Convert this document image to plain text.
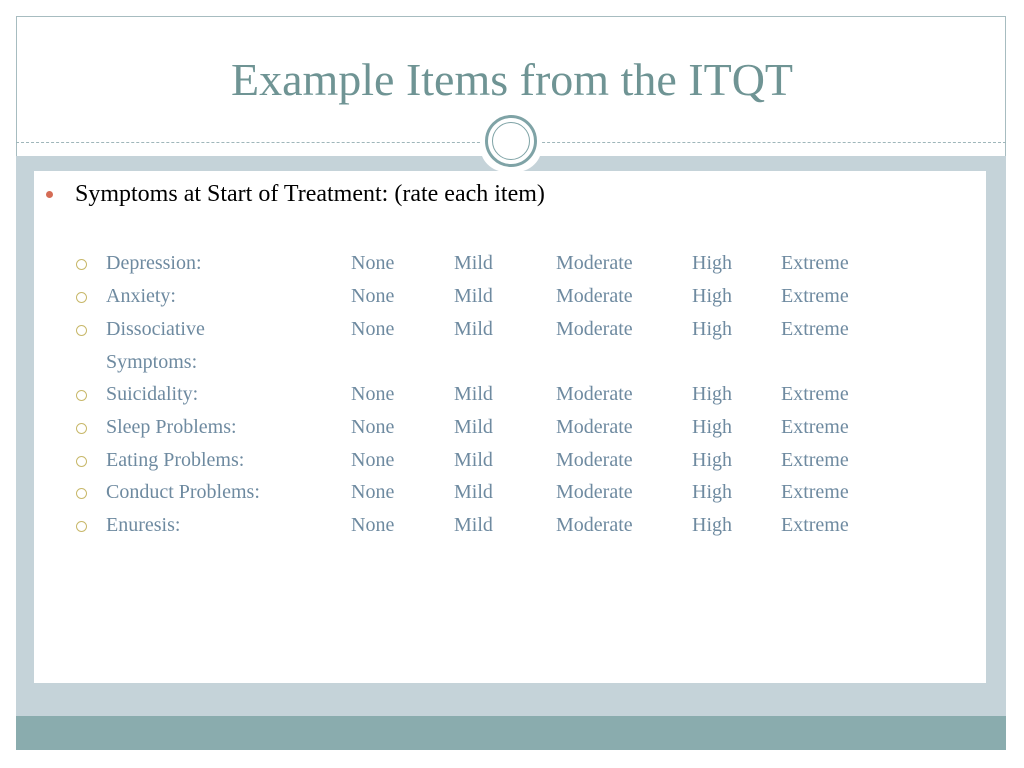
Example Items from the ITQT
Symptoms at Start of Treatment: (rate each item)
Depression:	None	Mild	Moderate	High Extreme
Anxiety:	None	Mild	Moderate	High Extreme
Dissociative	None	Mild	Moderate	High Extreme
Symptoms:
Suicidality:	None	Mild	Moderate	High Extreme
Sleep Problems:	None	Mild	Moderate	High Extreme
Eating Problems:	None	Mild	Moderate	High Extreme
Conduct Problems:	None	Mild	Moderate	High Extreme
Enuresis:	None	Mild	Moderate	High Extreme
